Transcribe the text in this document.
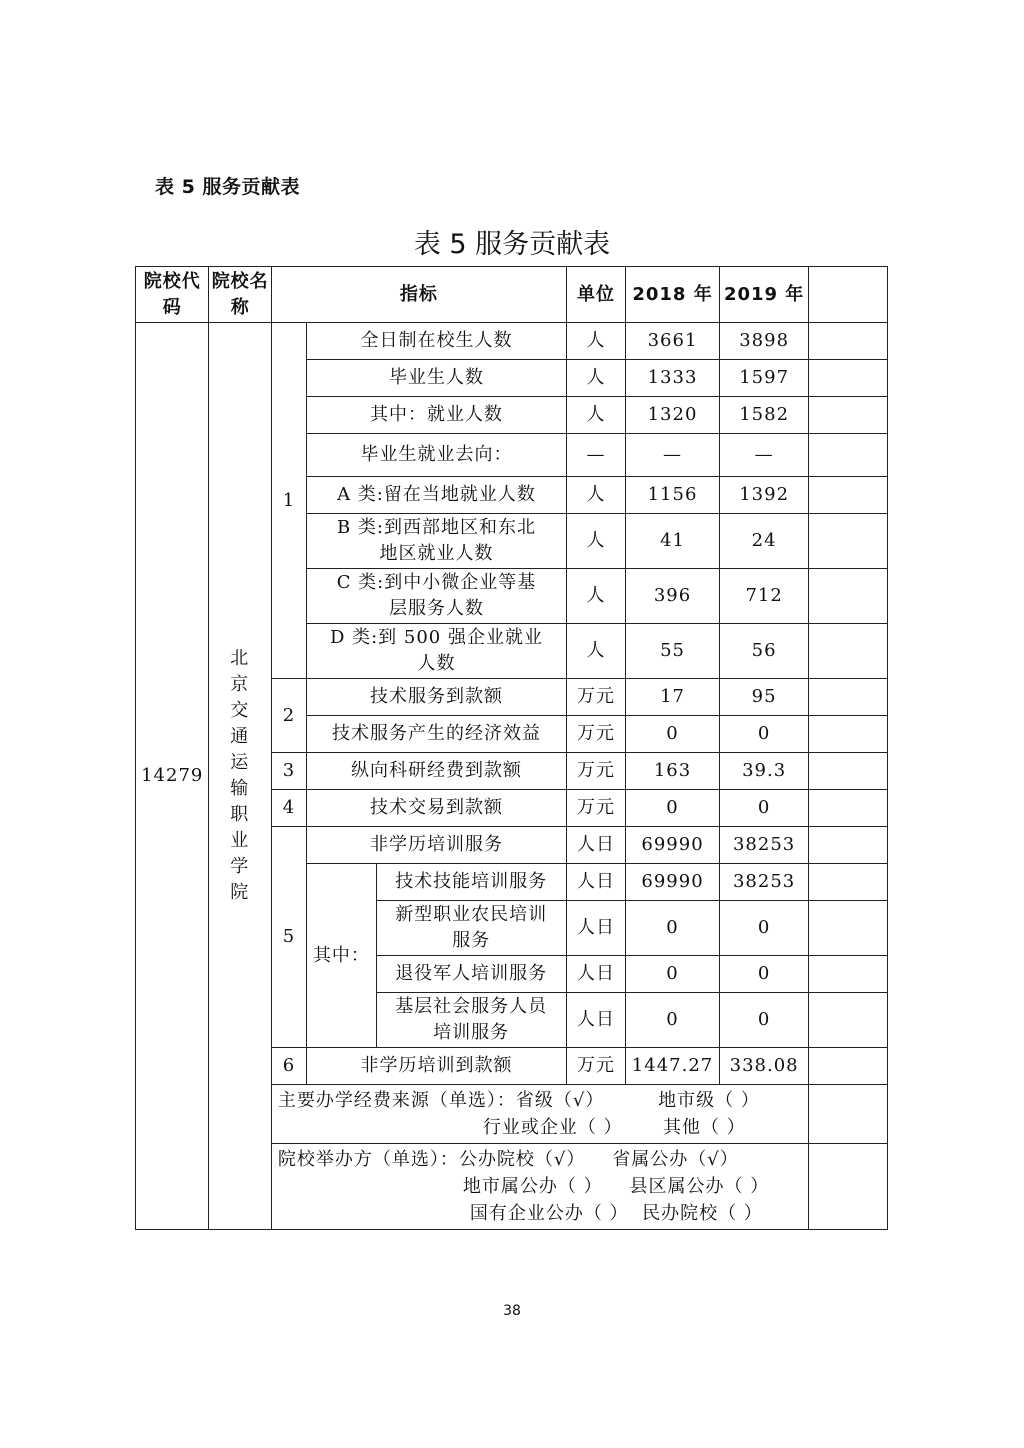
表 5 服务贡献表
表 5 服务贡献表
院校代码	院校名称	指标			单位	2018 年	2019 年	
14279	北京交通运输职业学院	1	全日制在校生人数		人	3661	3898	
			毕业生人数		人	1333	1597	
			其中：就业人数		人	1320	1582	
			毕业生就业去向：		—	—	—	
			A 类:留在当地就业人数		人	1156	1392	

			B 类:到西部地区和东北地区就业人数		人	41	24	

			C 类:到中小微企业等基层服务人数		人	396	712	

			D 类:到 500 强企业就业人数		人	55	56	
		2	技术服务到款额		万元	17	95	
			技术服务产生的经济效益		万元	0	0	
		3	纵向科研经费到款额		万元	163	39.3	
		4	技术交易到款额		万元	0	0	
		5	非学历培训服务		人日	69990	38253	
			其中：	技术技能培训服务	人日	69990	38253	

				新型职业农民培训服务	人日	0	0	
				退役军人培训服务	人日	0	0	

				基层社会服务人员培训服务	人日	0	0	
		6	非学历培训到款额		万元	1447.27	338.08	

		主要办学经费来源（单选）：省级（√） 地市级（ ）
行业或企业（ ） 其他（ ）						

		院校举办方（单选）：公办院校（√） 省属公办（√）
地市属公办（ ） 县区属公办（ ）
国有企业公办（ ） 民办院校（ ）						

38
